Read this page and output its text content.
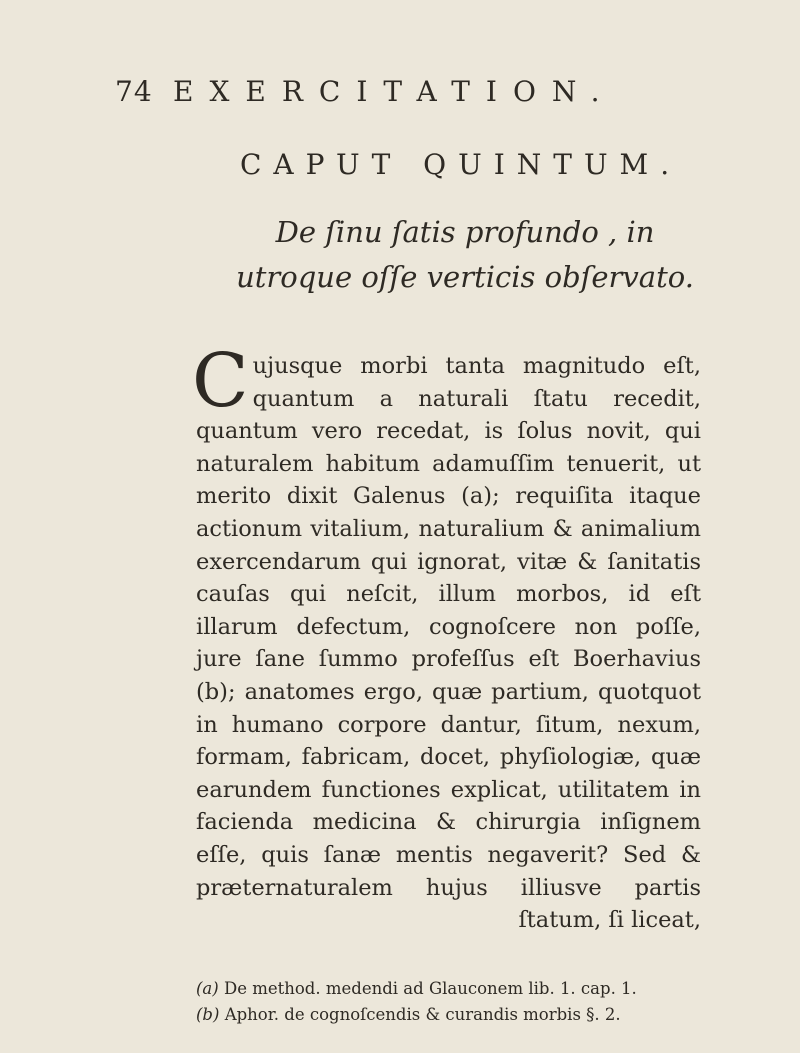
74 EXERCITATION.
CAPUT QUINTUM.
De ſinu ſatis profundo , in utroque oſſe verticis obſervato.
C ujusque morbi tanta magnitudo eſt, quantum a naturali ſtatu recedit, quantum vero recedat, is ſolus novit, qui naturalem habitum adamuſſim tenuerit, ut merito dixit Galenus (a); requiſita itaque actionum vitalium, naturalium & animalium exercendarum qui ignorat, vitæ & ſanitatis cauſas qui neſcit, illum morbos, id eſt illarum defectum, cognoſcere non poſſe, jure ſane ſummo profeſſus eſt Boerhavius (b); anatomes ergo, quæ partium, quotquot in humano corpore dantur, ſitum, nexum, formam, fabricam, docet, phyſiologiæ, quæ earundem functiones explicat, utilitatem in facienda medicina & chirurgia inſignem eſſe, quis ſanæ mentis negaverit? Sed & præternaturalem hujus illiusve partis ſtatum, ſi liceat,
(a) De method. medendi ad Glauconem lib. 1. cap. 1.
(b) Aphor. de cognoſcendis & curandis morbis §. 2.
